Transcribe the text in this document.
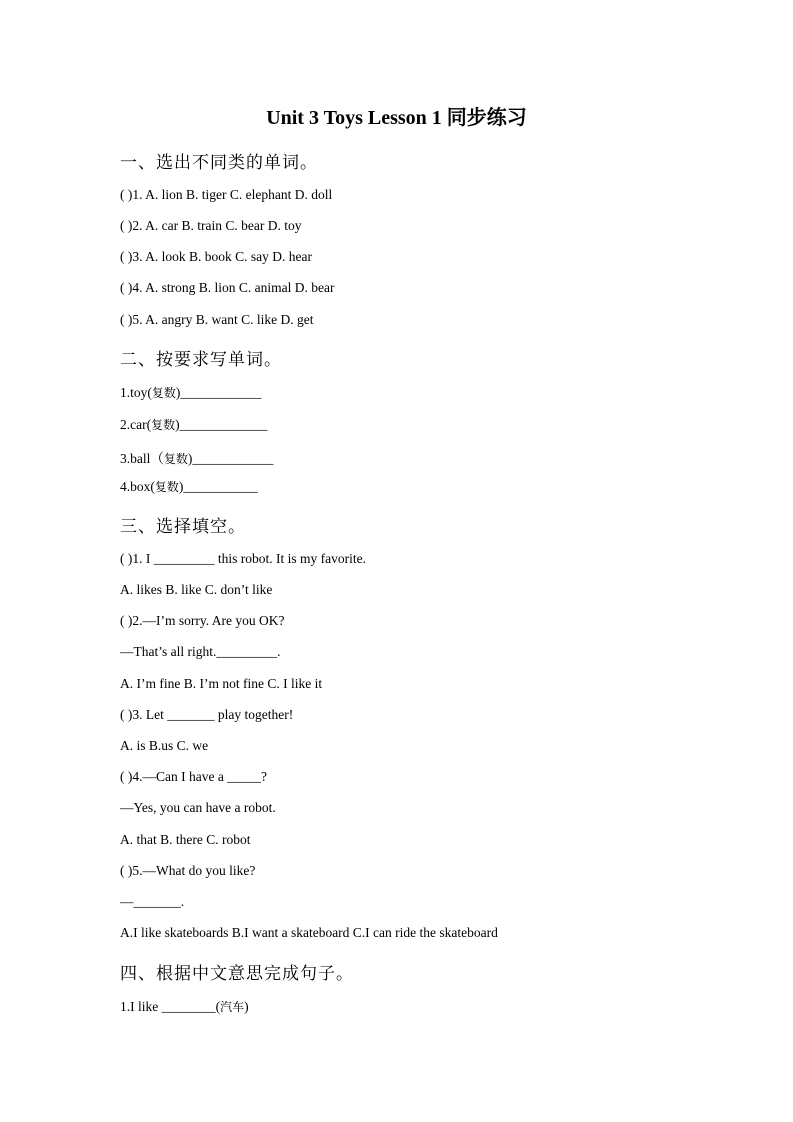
Unit 3 Toys Lesson 1 同步练习
一、选出不同类的单词。
( )1. A. lion B. tiger C. elephant D. doll
( )2. A. car B. train C. bear D. toy
( )3. A. look B. book C. say D. hear
( )4. A. strong B. lion C. animal D. bear
( )5. A. angry B. want C. like D. get
二、按要求写单词。
1.toy(复数)____________
2.car(复数)_____________
3.ball（复数)____________
4.box(复数)___________
三、选择填空。
( )1. I _________ this robot. It is my favorite.
A. likes B. like C. don’t like
( )2.—I’m sorry. Are you OK?
—That’s all right._________.
A. I’m fine B. I’m not fine C. I like it
( )3. Let _______ play together!
A. is B.us C. we
( )4.—Can I have a _____?
—Yes, you can have a robot.
A. that B. there C. robot
( )5.—What do you like?
—_______.
A.I like skateboards B.I want a skateboard C.I can ride the skateboard
四、根据中文意思完成句子。
1.I like ________(汽车)
